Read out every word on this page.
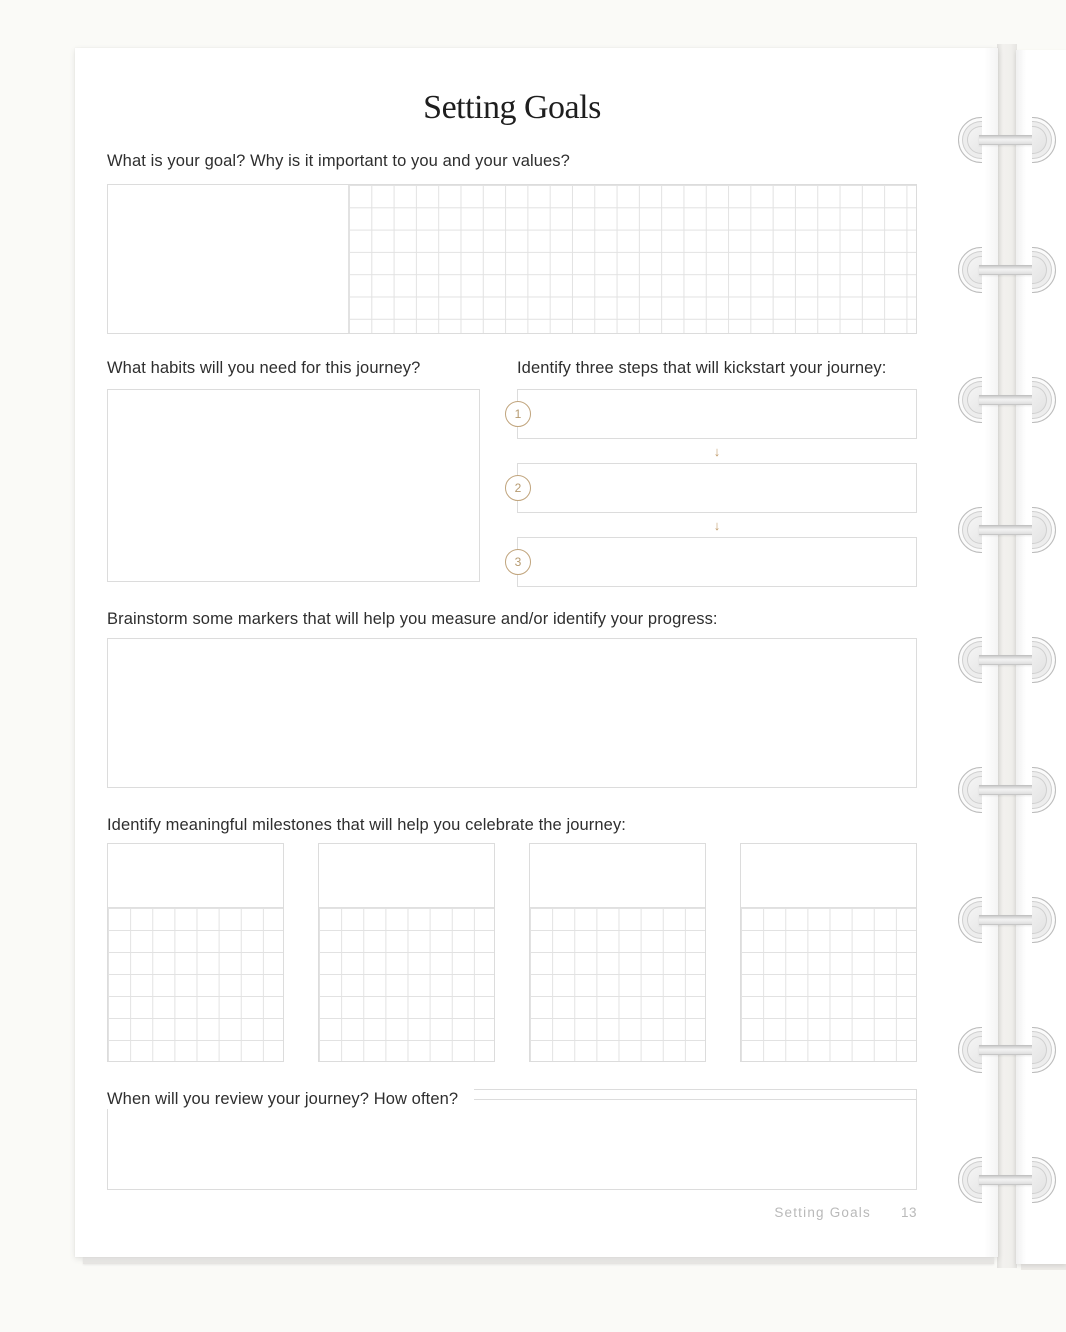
Setting Goals
What is your goal? Why is it important to you and your values?
What habits will you need for this journey?	Identify three steps that will kickstart your journey:
1
↓
2
↓
3
Brainstorm some markers that will help you measure and/or identify your progress:
Identify meaningful milestones that will help you celebrate the journey:
When will you review your journey? How often?
Setting Goals 13
